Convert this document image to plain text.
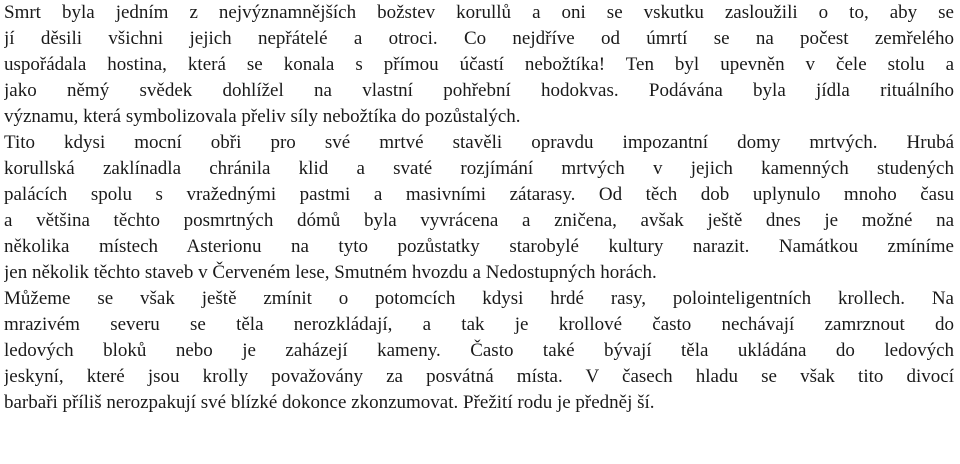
Smrt byla jedním z nejvýznamnějších božstev korullů a oni se vskutku zasloužili o to, aby se
jí děsili všichni jejich nepřátelé a otroci. Co nejdříve od úmrtí se na počest zemřelého
uspořádala hostina, která se konala s přímou účastí nebožtíka! Ten byl upevněn v čele stolu a
jako němý svědek dohlížel na vlastní pohřební hodokvas. Podávána byla jídla rituálního
významu, která symbolizovala přeliv síly nebožtíka do pozůstalých.
Tito kdysi mocní obři pro své mrtvé stavěli opravdu impozantní domy mrtvých. Hrubá
korullská zaklínadla chránila klid a svaté rozjímání mrtvých v jejich kamenných studených
palácích spolu s vražednými pastmi a masivními zátarasy. Od těch dob uplynulo mnoho času
a většina těchto posmrtných dómů byla vyvrácena a zničena, avšak ještě dnes je možné na
několika místech Asterionu na tyto pozůstatky starobylé kultury narazit. Namátkou zmíníme
jen několik těchto staveb v Červeném lese, Smutném hvozdu a Nedostupných horách.
Můžeme se však ještě zmínit o potomcích kdysi hrdé rasy, polointeligentních krollech. Na
mrazivém severu se těla nerozkládají, a tak je krollové často nechávají zamrznout do
ledových bloků nebo je zaházejí kameny. Často také bývají těla ukládána do ledových
jeskyní, které jsou krolly považovány za posvátná místa. V časech hladu se však tito divocí
barbaři příliš nerozpakují své blízké dokonce zkonzumovat. Přežití rodu je předněj ší.
